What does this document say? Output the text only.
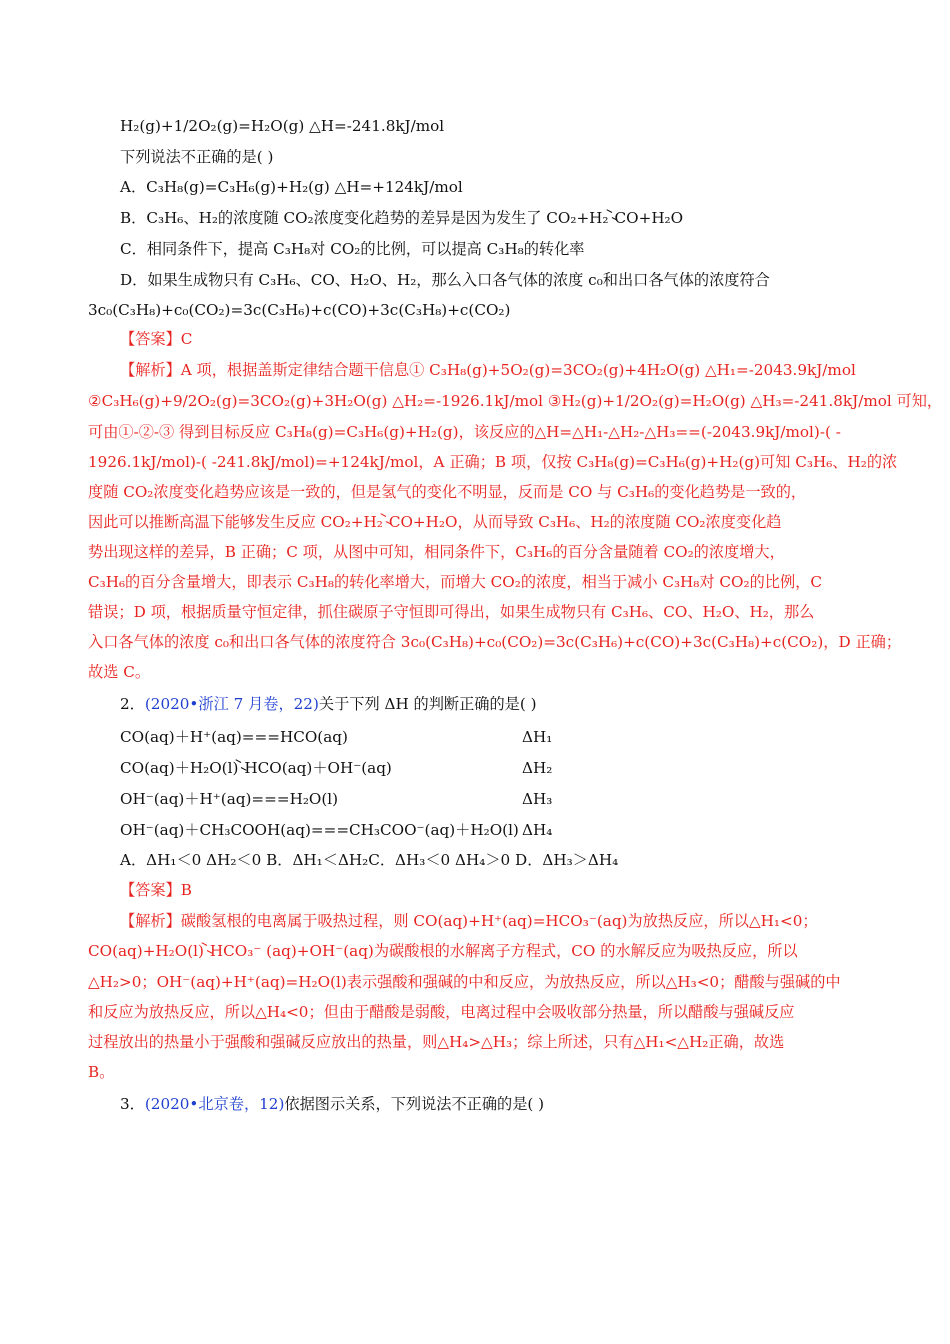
H₂(g)+1/2O₂(g)=H₂O(g) △H=-241.8kJ/mol
下列说法不正确的是( )
A．C₃H₈(g)=C₃H₆(g)+H₂(g) △H=+124kJ/mol
B．C₃H₆、H₂的浓度随 CO₂浓度变化趋势的差异是因为发生了 CO₂+H₂ CO+H₂O
C．相同条件下，提高 C₃H₈对 CO₂的比例，可以提高 C₃H₈的转化率
D．如果生成物只有 C₃H₆、CO、H₂O、H₂，那么入口各气体的浓度 c₀和出口各气体的浓度符合
3c₀(C₃H₈)+c₀(CO₂)=3c(C₃H₆)+c(CO)+3c(C₃H₈)+c(CO₂)
【答案】C
【解析】A 项，根据盖斯定律结合题干信息① C₃H₈(g)+5O₂(g)=3CO₂(g)+4H₂O(g) △H₁=-2043.9kJ/mol
②C₃H₆(g)+9/2O₂(g)=3CO₂(g)+3H₂O(g) △H₂=-1926.1kJ/mol ③H₂(g)+1/2O₂(g)=H₂O(g) △H₃=-241.8kJ/mol 可知，
可由①-②-③ 得到目标反应 C₃H₈(g)=C₃H₆(g)+H₂(g)，该反应的△H=△H₁-△H₂-△H₃==(-2043.9kJ/mol)-( -
1926.1kJ/mol)-( -241.8kJ/mol)=+124kJ/mol，A 正确；B 项，仅按 C₃H₈(g)=C₃H₆(g)+H₂(g)可知 C₃H₆、H₂的浓
度随 CO₂浓度变化趋势应该是一致的，但是氢气的变化不明显，反而是 CO 与 C₃H₆的变化趋势是一致的，
因此可以推断高温下能够发生反应 CO₂+H₂ CO+H₂O，从而导致 C₃H₆、H₂的浓度随 CO₂浓度变化趋
势出现这样的差异，B 正确；C 项，从图中可知，相同条件下，C₃H₆的百分含量随着 CO₂的浓度增大，
C₃H₆的百分含量增大，即表示 C₃H₈的转化率增大，而增大 CO₂的浓度，相当于减小 C₃H₈对 CO₂的比例，C
错误；D 项，根据质量守恒定律，抓住碳原子守恒即可得出，如果生成物只有 C₃H₆、CO、H₂O、H₂，那么
入口各气体的浓度 c₀和出口各气体的浓度符合 3c₀(C₃H₈)+c₀(CO₂)=3c(C₃H₆)+c(CO)+3c(C₃H₈)+c(CO₂)，D 正确；
故选 C。
2．(2020•浙江 7 月卷，22)关于下列 ΔH 的判断正确的是( )
CO(aq)＋H⁺(aq)===HCO(aq)	ΔH₁
CO(aq)＋H₂O(l) HCO(aq)＋OH⁻(aq)	ΔH₂
OH⁻(aq)＋H⁺(aq)===H₂O(l)	ΔH₃
OH⁻(aq)＋CH₃COOH(aq)===CH₃COO⁻(aq)＋H₂O(l) ΔH₄
A．ΔH₁＜0 ΔH₂＜0 B．ΔH₁＜ΔH₂C．ΔH₃＜0 ΔH₄＞0 D．ΔH₃＞ΔH₄
【答案】B
【解析】碳酸氢根的电离属于吸热过程，则 CO(aq)+H⁺(aq)=HCO₃⁻(aq)为放热反应，所以△H₁<0；
CO(aq)+H₂O(l) HCO₃⁻ (aq)+OH⁻(aq)为碳酸根的水解离子方程式，CO 的水解反应为吸热反应，所以
△H₂>0；OH⁻(aq)+H⁺(aq)=H₂O(l)表示强酸和强碱的中和反应，为放热反应，所以△H₃<0；醋酸与强碱的中
和反应为放热反应，所以△H₄<0；但由于醋酸是弱酸，电离过程中会吸收部分热量，所以醋酸与强碱反应
过程放出的热量小于强酸和强碱反应放出的热量，则△H₄>△H₃；综上所述，只有△H₁<△H₂正确，故选
B。
3．(2020•北京卷，12)依据图示关系，下列说法不正确的是( )
